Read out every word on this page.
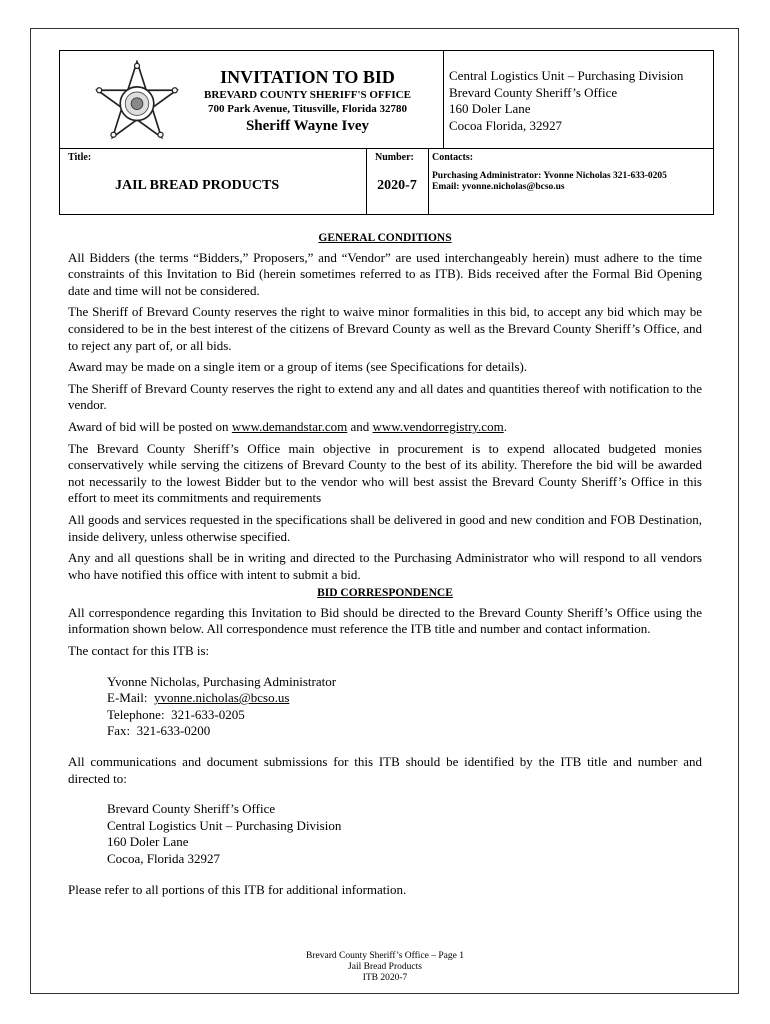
INVITATION TO BID
BREVARD COUNTY SHERIFF'S OFFICE
700 Park Avenue, Titusville, Florida 32780
Sheriff Wayne Ivey
Central Logistics Unit – Purchasing Division
Brevard County Sheriff’s Office
160 Doler Lane
Cocoa Florida, 32927
Title:
JAIL BREAD PRODUCTS
Number:
2020-7
Contacts:
Purchasing Administrator: Yvonne Nicholas 321-633-0205
Email: yvonne.nicholas@bcso.us
GENERAL CONDITIONS

All Bidders (the terms “Bidders,” Proposers,” and “Vendor” are used interchangeably herein) must adhere to the time constraints of this Invitation to Bid (herein sometimes referred to as ITB). Bids received after the Formal Bid Opening date and time will not be considered.

The Sheriff of Brevard County reserves the right to waive minor formalities in this bid, to accept any bid which may be considered to be in the best interest of the citizens of Brevard County as well as the Brevard County Sheriff’s Office, and to reject any part of, or all bids.

Award may be made on a single item or a group of items (see Specifications for details).

The Sheriff of Brevard County reserves the right to extend any and all dates and quantities thereof with notification to the vendor.

Award of bid will be posted on www.demandstar.com and www.vendorregistry.com.

The Brevard County Sheriff’s Office main objective in procurement is to expend allocated budgeted monies conservatively while serving the citizens of Brevard County to the best of its ability. Therefore the bid will be awarded not necessarily to the lowest Bidder but to the vendor who will best assist the Brevard County Sheriff’s Office in this effort to meet its commitments and requirements

All goods and services requested in the specifications shall be delivered in good and new condition and FOB Destination, inside delivery, unless otherwise specified.

Any and all questions shall be in writing and directed to the Purchasing Administrator who will respond to all vendors who have notified this office with intent to submit a bid.

BID CORRESPONDENCE

All correspondence regarding this Invitation to Bid should be directed to the Brevard County Sheriff’s Office using the information shown below. All correspondence must reference the ITB title and number and contact information.

The contact for this ITB is:

Yvonne Nicholas, Purchasing Administrator
E-Mail:  yvonne.nicholas@bcso.us
Telephone:  321-633-0205
Fax:  321-633-0200

All communications and document submissions for this ITB should be identified by the ITB title and number and directed to:

Brevard County Sheriff’s Office
Central Logistics Unit – Purchasing Division
160 Doler Lane
Cocoa, Florida 32927

Please refer to all portions of this ITB for additional information.

Brevard County Sheriff’s Office – Page 1
Jail Bread Products
ITB 2020-7
